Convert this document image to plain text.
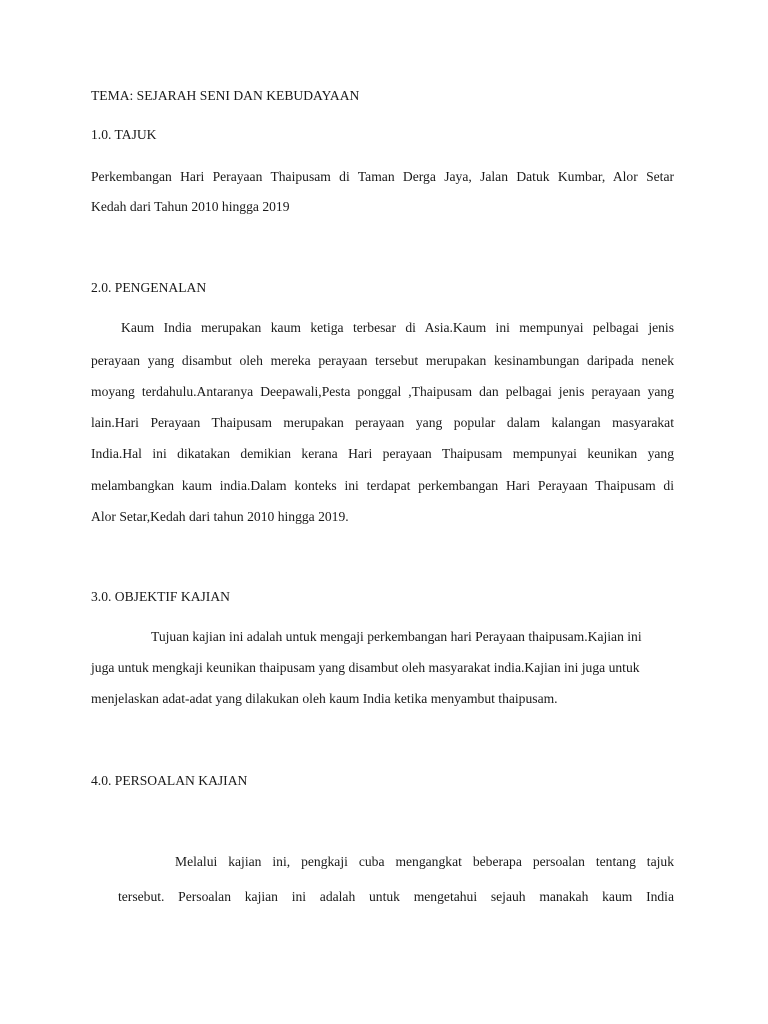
TEMA: SEJARAH SENI DAN KEBUDAYAAN
1.0. TAJUK
Perkembangan Hari Perayaan Thaipusam di Taman Derga Jaya, Jalan Datuk Kumbar, Alor Setar
Kedah dari Tahun 2010 hingga 2019
2.0. PENGENALAN
Kaum India merupakan kaum ketiga terbesar di Asia.Kaum ini mempunyai pelbagai jenis
perayaan yang disambut oleh mereka perayaan tersebut merupakan kesinambungan daripada nenek
moyang terdahulu.Antaranya Deepawali,Pesta ponggal ,Thaipusam dan pelbagai jenis perayaan yang
lain.Hari Perayaan Thaipusam merupakan perayaan yang popular dalam kalangan masyarakat
India.Hal ini dikatakan demikian kerana Hari perayaan Thaipusam mempunyai keunikan yang
melambangkan kaum india.Dalam konteks ini terdapat perkembangan Hari Perayaan Thaipusam di
Alor Setar,Kedah dari tahun 2010 hingga 2019.
3.0. OBJEKTIF KAJIAN
Tujuan kajian ini adalah untuk mengaji perkembangan hari Perayaan thaipusam.Kajian ini
juga untuk mengkaji keunikan thaipusam yang disambut oleh masyarakat india.Kajian ini juga untuk
menjelaskan adat-adat yang dilakukan oleh kaum India ketika menyambut thaipusam.
4.0. PERSOALAN KAJIAN
Melalui kajian ini, pengkaji cuba mengangkat beberapa persoalan tentang tajuk
tersebut. Persoalan kajian ini adalah untuk mengetahui sejauh manakah kaum India
